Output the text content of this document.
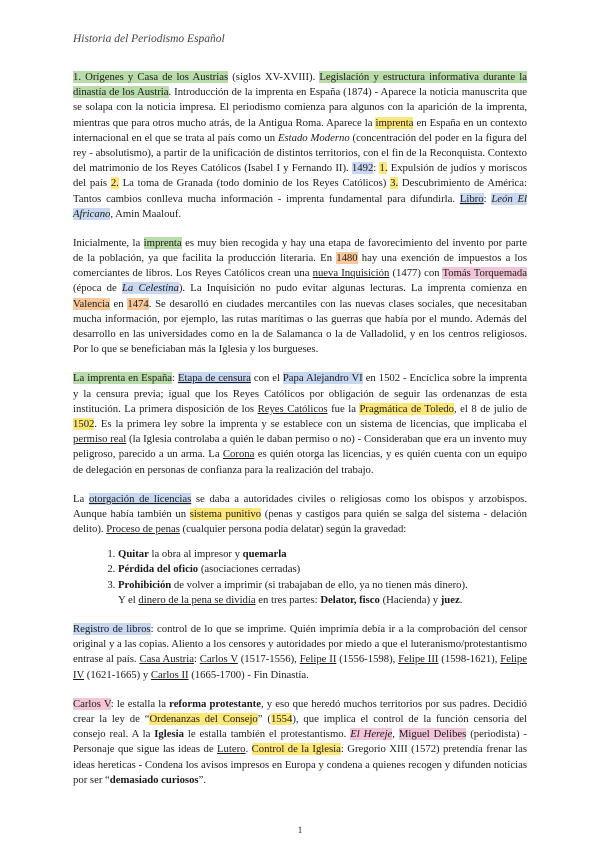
Historia del Periodismo Español

1. Orígenes y Casa de los Austrias (siglos XV-XVIII). Legislación y estructura informativa durante la dinastía de los Austria. Introducción de la imprenta en España (1874) - Aparece la noticia manuscrita que se solapa con la noticia impresa. El periodismo comienza para algunos con la aparición de la imprenta, mientras que para otros mucho atrás, de la Antigua Roma. Aparece la imprenta en España en un contexto internacional en el que se trata al país como un Estado Moderno (concentración del poder en la figura del rey - absolutismo), a partir de la unificación de distintos territorios, con el fin de la Reconquista. Contexto del matrimonio de los Reyes Católicos (Isabel I y Fernando II). 1492: 1. Expulsión de judíos y moriscos del país 2. La toma de Granada (todo dominio de los Reyes Católicos) 3. Descubrimiento de América: Tantos cambios conlleva mucha información - imprenta fundamental para difundirla. Libro: León El Africano, Amin Maalouf.

Inicialmente, la imprenta es muy bien recogida y hay una etapa de favorecimiento del invento por parte de la población, ya que facilita la producción literaria. En 1480 hay una exención de impuestos a los comerciantes de libros. Los Reyes Católicos crean una nueva Inquisición (1477) con Tomás Torquemada (época de La Celestina). La Inquisición no pudo evitar algunas lecturas. La imprenta comienza en Valencia en 1474. Se desarolló en ciudades mercantiles con las nuevas clases sociales, que necesitaban mucha información, por ejemplo, las rutas marítimas o las guerras que había por el mundo. Además del desarrollo en las universidades como en la de Salamanca o la de Valladolid, y en los centros religiosos. Por lo que se beneficiaban más la Iglesia y los burgueses.

La imprenta en España: Etapa de censura con el Papa Alejandro VI en 1502 - Encíclica sobre la imprenta y la censura previa; igual que los Reyes Católicos por obligación de seguir las ordenanzas de esta institución. La primera disposición de los Reyes Católicos fue la Pragmática de Toledo, el 8 de julio de 1502. Es la primera ley sobre la imprenta y se establece con un sistema de licencias, que implicaba el permiso real (la Iglesia controlaba a quién le daban permiso o no) - Consideraban que era un invento muy peligroso, parecido a un arma. La Corona es quién otorga las licencias, y es quién cuenta con un equipo de delegación en personas de confianza para la realización del trabajo.

La otorgación de licencias se daba a autoridades civiles o religiosas como los obispos y arzobispos. Aunque había también un sistema punitivo (penas y castigos para quién se salga del sistema - delación delito). Proceso de penas (cualquier persona podía delatar) según la gravedad:

1. Quitar la obra al impresor y quemarla
2. Pérdida del oficio (asociaciones cerradas)
3. Prohibición de volver a imprimir (si trabajaban de ello, ya no tienen más dinero).
Y el dinero de la pena se dividía en tres partes: Delator, fisco (Hacienda) y juez.

Registro de libros: control de lo que se imprime. Quién imprimía debía ir a la comprobación del censor original y a las copias. Aliento a los censores y autoridades por miedo a que el luteranismo/protestantismo entrase al país. Casa Austria: Carlos V (1517-1556), Felipe II (1556-1598), Felipe III (1598-1621), Felipe IV (1621-1665) y Carlos II (1665-1700) - Fin Dinastía.

Carlos V: le estalla la reforma protestante, y eso que heredó muchos territorios por sus padres. Decidió crear la ley de “Ordenanzas del Consejo” (1554), que implica el control de la función censoria del consejo real. A la Iglesia le estalla también el protestantismo. El Hereje, Miguel Delibes (periodista) - Personaje que sigue las ideas de Lutero. Control de la Iglesia: Gregorio XIII (1572) pretendía frenar las ideas hereticas - Condena los avisos impresos en Europa y condena a quienes recogen y difunden noticias por ser “demasiado curiosos”.

1
